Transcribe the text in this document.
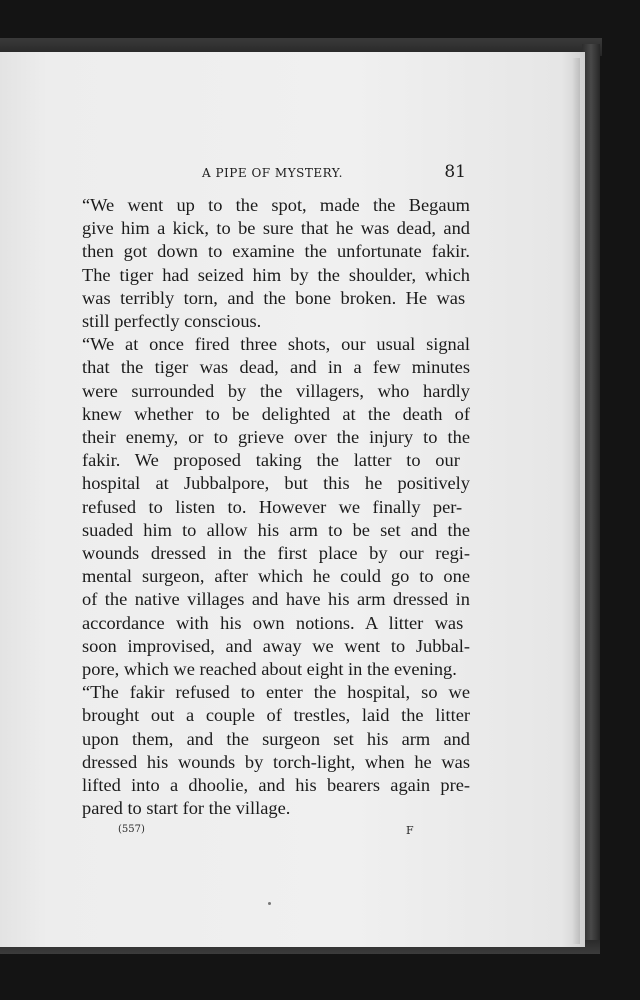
A PIPE OF MYSTERY.	81

“We went up to the spot, made the Begaum
give him a kick, to be sure that he was dead, and
then got down to examine the unfortunate fakir.
The tiger had seized him by the shoulder, which
was terribly torn, and the bone broken. He was
still perfectly conscious.

“We at once fired three shots, our usual signal
that the tiger was dead, and in a few minutes
were surrounded by the villagers, who hardly
knew whether to be delighted at the death of
their enemy, or to grieve over the injury to the
fakir. We proposed taking the latter to our
hospital at Jubbalpore, but this he positively
refused to listen to. However we finally per-
suaded him to allow his arm to be set and the
wounds dressed in the first place by our regi-
mental surgeon, after which he could go to one
of the native villages and have his arm dressed in
accordance with his own notions. A litter was
soon improvised, and away we went to Jubbal-
pore, which we reached about eight in the evening.

“The fakir refused to enter the hospital, so we
brought out a couple of trestles, laid the litter
upon them, and the surgeon set his arm and
dressed his wounds by torch-light, when he was
lifted into a dhoolie, and his bearers again pre-
pared to start for the village.

(557)	F
